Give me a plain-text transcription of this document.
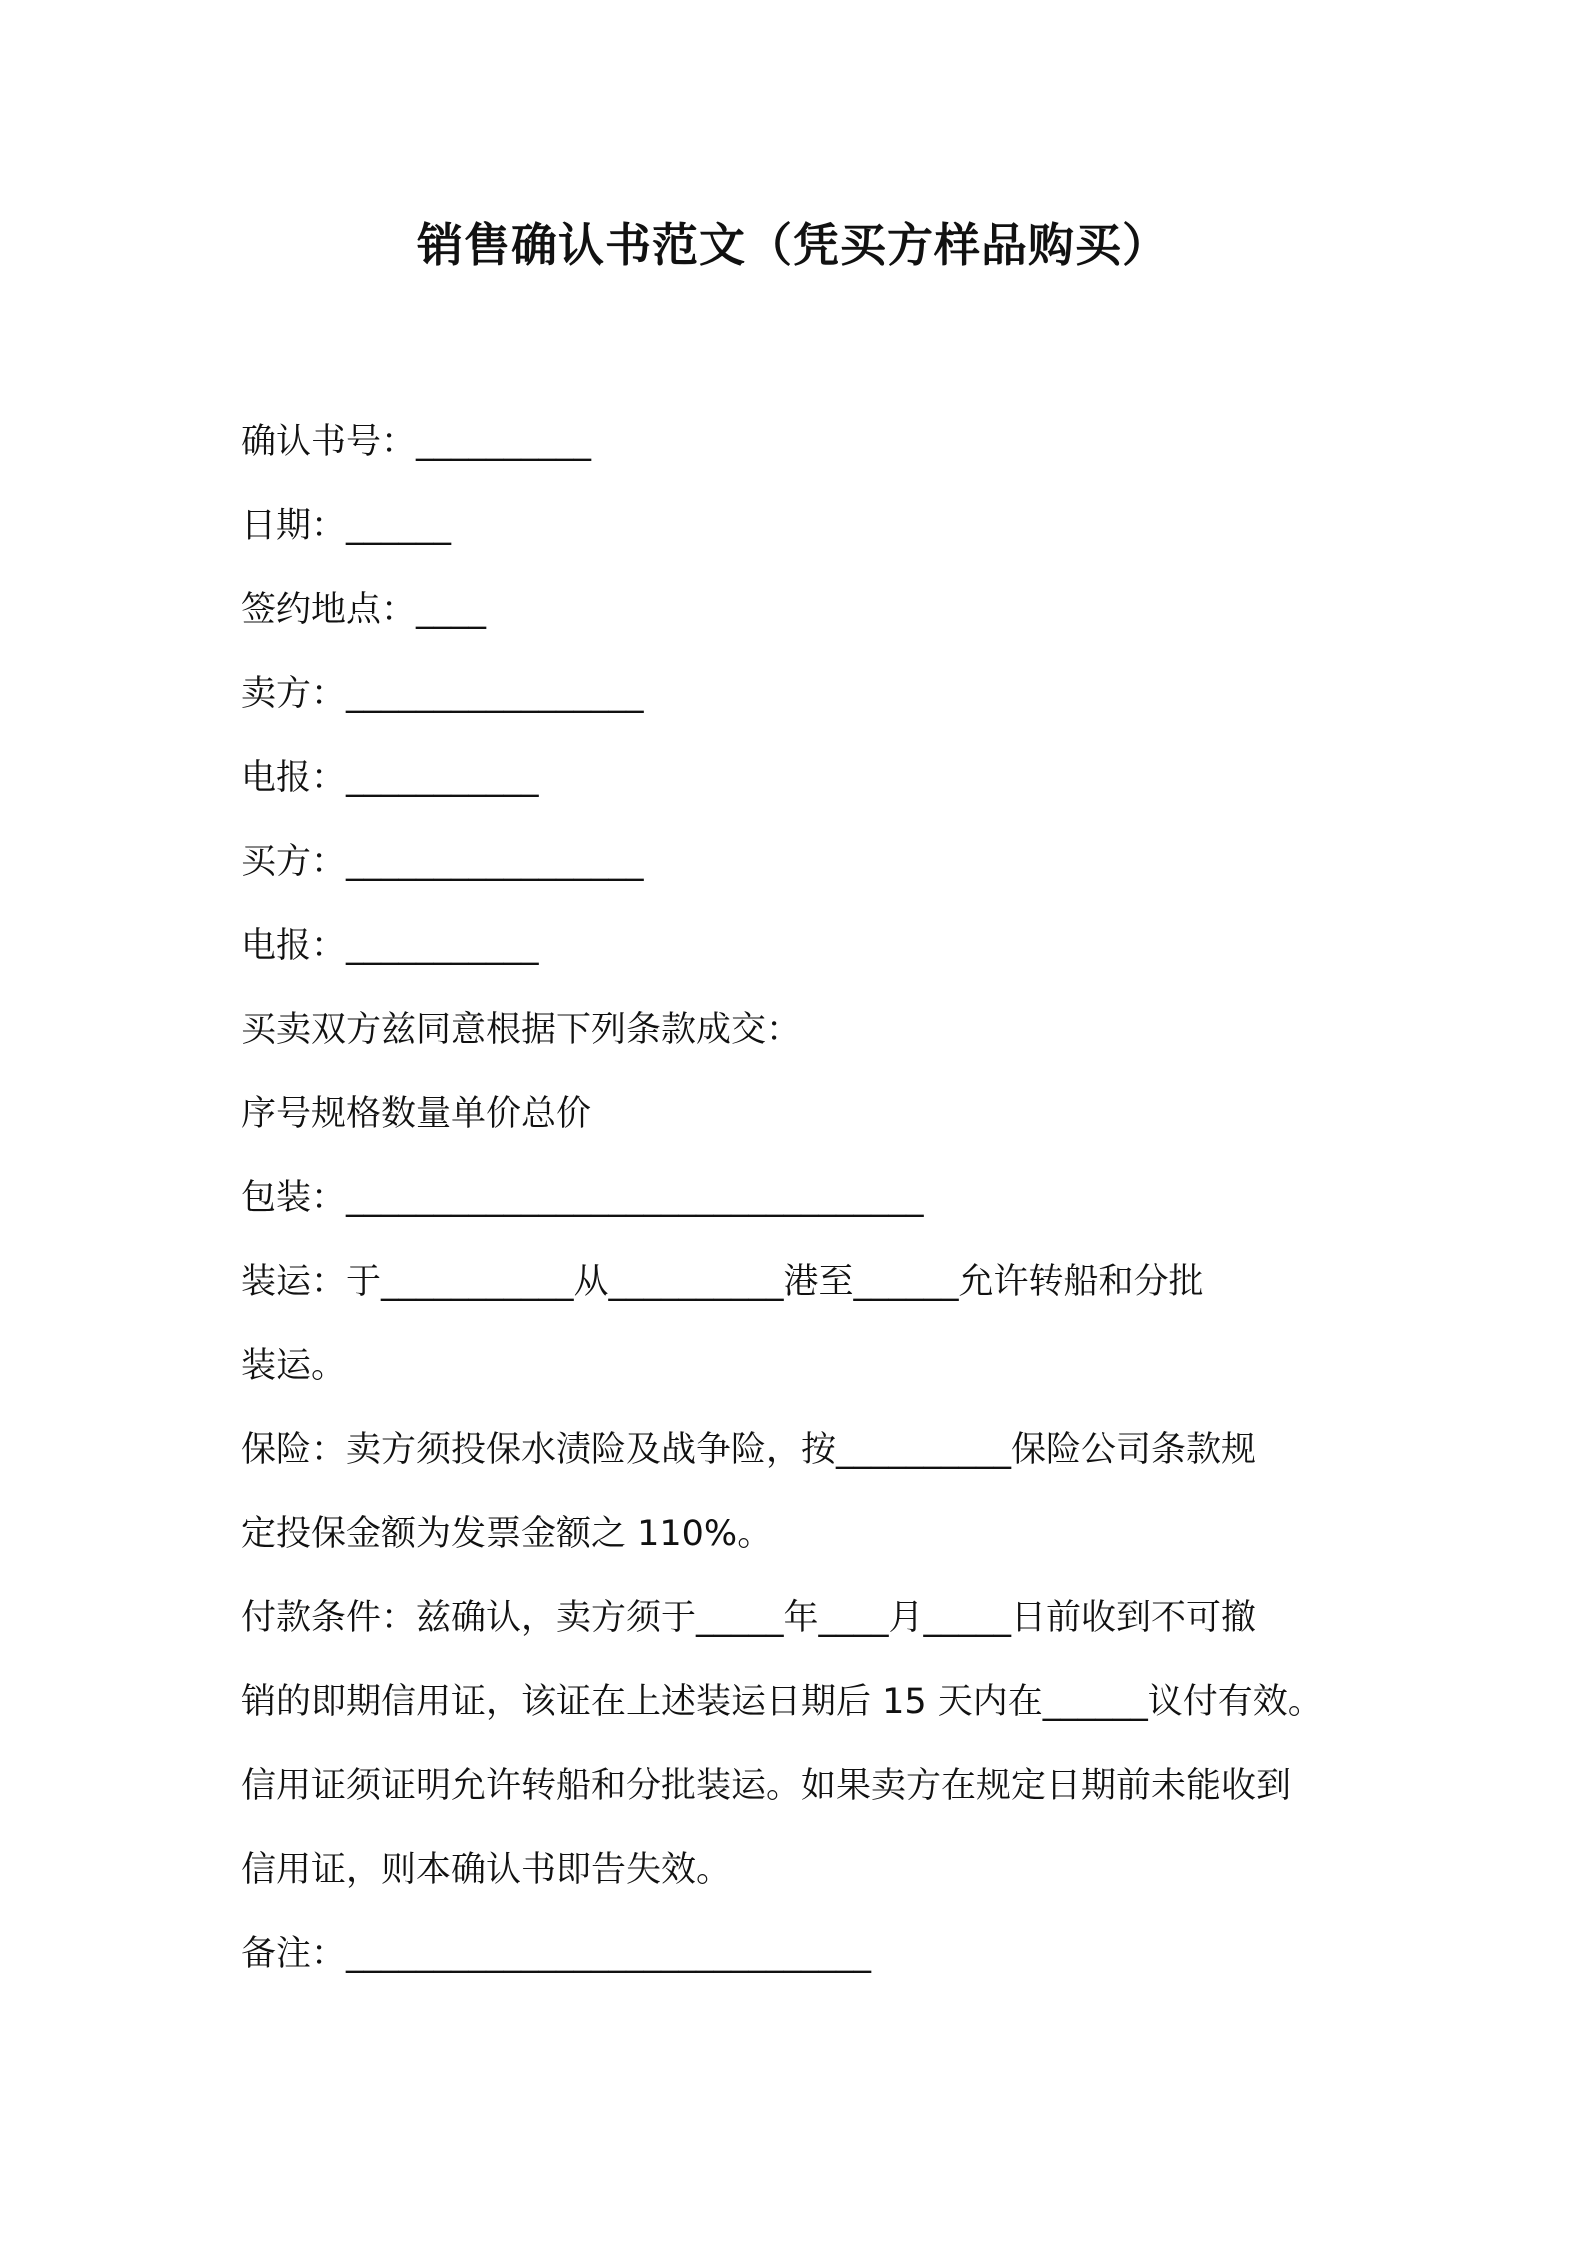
销售确认书范文（凭买方样品购买）
确认书号：__________
日期：______
签约地点：____
卖方：_________________
电报：___________
买方：_________________
电报：___________
买卖双方兹同意根据下列条款成交：
序号规格数量单价总价
包装：_________________________________
装运：于___________从__________港至______允许转船和分批
装运。
保险：卖方须投保水渍险及战争险，按__________保险公司条款规
定投保金额为发票金额之 110%。
付款条件：兹确认，卖方须于_____年____月_____日前收到不可撤
销的即期信用证，该证在上述装运日期后 15 天内在______议付有效。
信用证须证明允许转船和分批装运。如果卖方在规定日期前未能收到
信用证，则本确认书即告失效。
备注：______________________________
